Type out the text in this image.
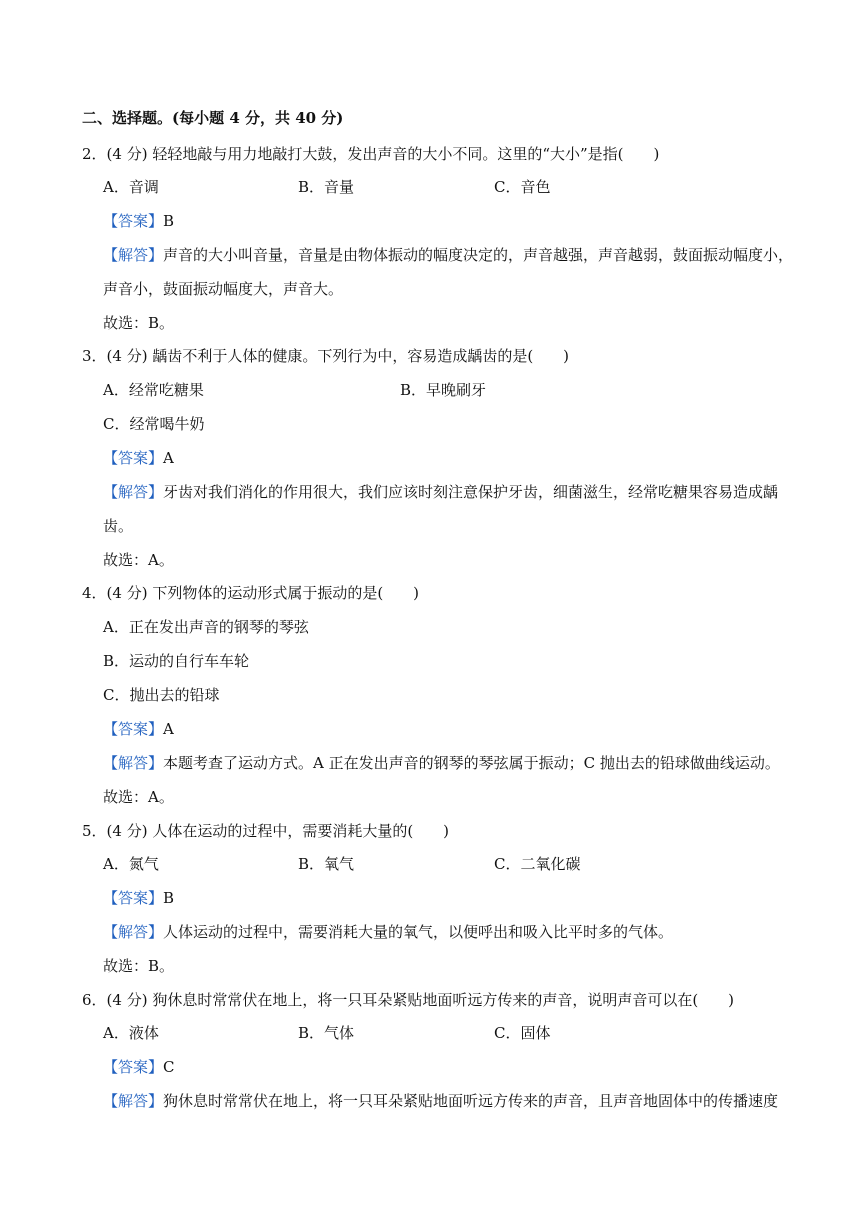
二、选择题。(每小题 4 分，共 40 分)
2．(4 分) 轻轻地敲与用力地敲打大鼓，发出声音的大小不同。这里的“大小”是指(　　)
A．音调	B．音量	C．音色
【答案】B
【解答】声音的大小叫音量，音量是由物体振动的幅度决定的，声音越强，声音越弱，鼓面振动幅度小，
声音小，鼓面振动幅度大，声音大。
故选：B。
3．(4 分) 龋齿不利于人体的健康。下列行为中，容易造成龋齿的是(　　)
A．经常吃糖果	B．早晚刷牙
C．经常喝牛奶
【答案】A
【解答】牙齿对我们消化的作用很大，我们应该时刻注意保护牙齿，细菌滋生，经常吃糖果容易造成龋
齿。
故选：A。
4．(4 分) 下列物体的运动形式属于振动的是(　　)
A．正在发出声音的钢琴的琴弦
B．运动的自行车车轮
C．抛出去的铅球
【答案】A
【解答】本题考查了运动方式。A 正在发出声音的钢琴的琴弦属于振动；C 抛出去的铅球做曲线运动。
故选：A。
5．(4 分) 人体在运动的过程中，需要消耗大量的(　　)
A．氮气	B．氧气	C．二氧化碳
【答案】B
【解答】人体运动的过程中，需要消耗大量的氧气，以便呼出和吸入比平时多的气体。
故选：B。
6．(4 分) 狗休息时常常伏在地上，将一只耳朵紧贴地面听远方传来的声音，说明声音可以在(　　)
A．液体	B．气体	C．固体
【答案】C
【解答】狗休息时常常伏在地上，将一只耳朵紧贴地面听远方传来的声音，且声音地固体中的传播速度
